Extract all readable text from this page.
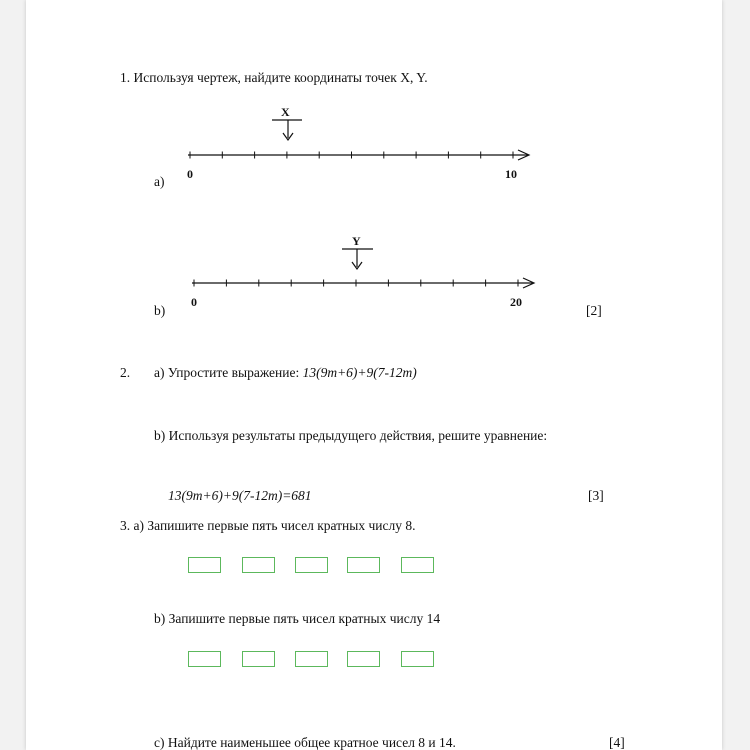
1. Используя чертеж, найдите координаты точек X, Y.
X
0	10
a)
Y
0	20
b)	[2]
2. a) Упростите выражение: 13(9m+6)+9(7-12m)
b) Используя результаты предыдущего действия, решите уравнение:
13(9m+6)+9(7-12m)=681	[3]
3. a) Запишите первые пять чисел кратных числу 8.
b) Запишите первые пять чисел кратных числу 14
c) Найдите наименьшее общее кратное чисел 8 и 14.	[4]
